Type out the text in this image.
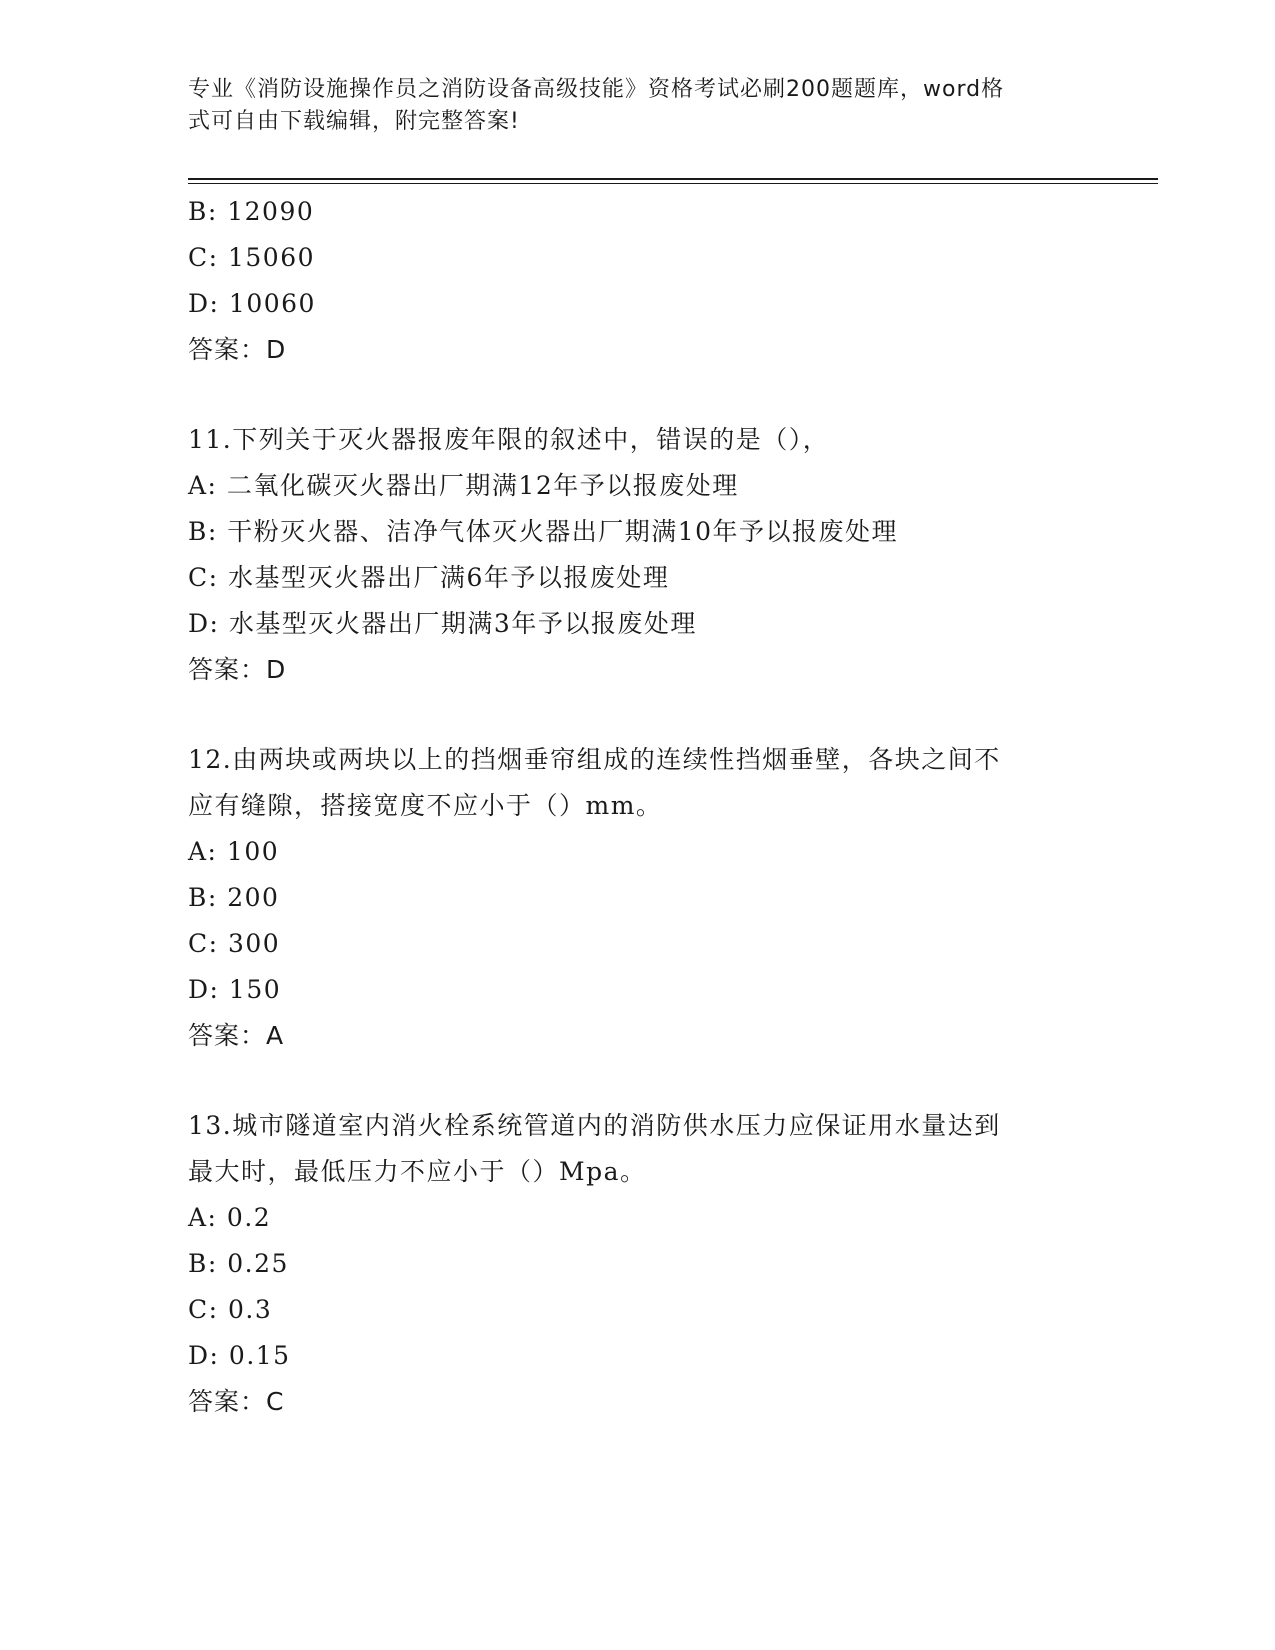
专业《消防设施操作员之消防设备高级技能》资格考试必刷200题题库，word格
式可自由下载编辑，附完整答案!
B: 12090
C: 15060
D: 10060
答案：D
11.下列关于灭火器报废年限的叙述中，错误的是（），
A: 二氧化碳灭火器出厂期满12年予以报废处理
B: 干粉灭火器、洁净气体灭火器出厂期满10年予以报废处理
C: 水基型灭火器出厂满6年予以报废处理
D: 水基型灭火器出厂期满3年予以报废处理
答案：D
12.由两块或两块以上的挡烟垂帘组成的连续性挡烟垂壁，各块之间不
应有缝隙，搭接宽度不应小于（）mm。
A: 100
B: 200
C: 300
D: 150
答案：A
13.城市隧道室内消火栓系统管道内的消防供水压力应保证用水量达到
最大时，最低压力不应小于（）Mpa。
A: 0.2
B: 0.25
C: 0.3
D: 0.15
答案：C
